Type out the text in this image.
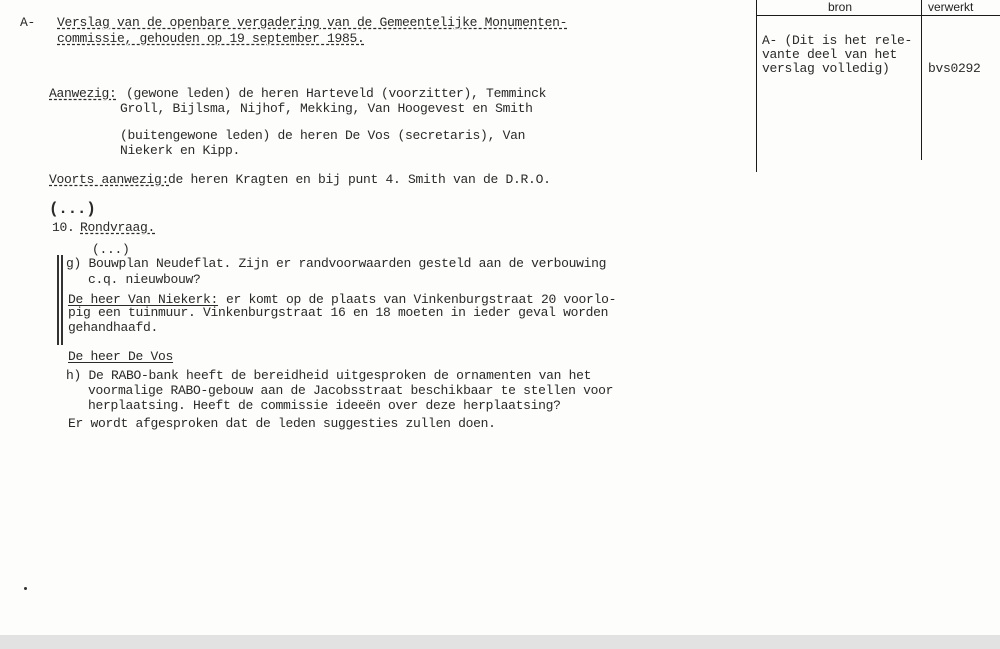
bron	verwerkt

A- (Dit is het rele-

vante deel van het

verslag volledig)	bvs0292

A- Verslag van de openbare vergadering van de Gemeentelijke Monumenten-

commissie, gehouden op 19 september 1985.

Aanwezig: (gewone leden) de heren Harteveld (voorzitter), Temminck

Groll, Bijlsma, Nijhof, Mekking, Van Hoogevest en Smith

(buitengewone leden) de heren De Vos (secretaris), Van

Niekerk en Kipp.

Voorts aanwezig:

de heren Kragten en bij punt 4. Smith van de D.R.O.

(...)

10. Rondvraag.

(...)

g) Bouwplan Neudeflat. Zijn er randvoorwaarden gesteld aan de verbouwing

c.q. nieuwbouw?

De heer Van Niekerk: er komt op de plaats van Vinkenburgstraat 20 voorlo-

pig een tuinmuur. Vinkenburgstraat 16 en 18 moeten in ieder geval worden

gehandhaafd.

De heer De Vos

h) De RABO-bank heeft de bereidheid uitgesproken de ornamenten van het

voormalige RABO-gebouw aan de Jacobsstraat beschikbaar te stellen voor

herplaatsing. Heeft de commissie ideeën over deze herplaatsing?

Er wordt afgesproken dat de leden suggesties zullen doen.
